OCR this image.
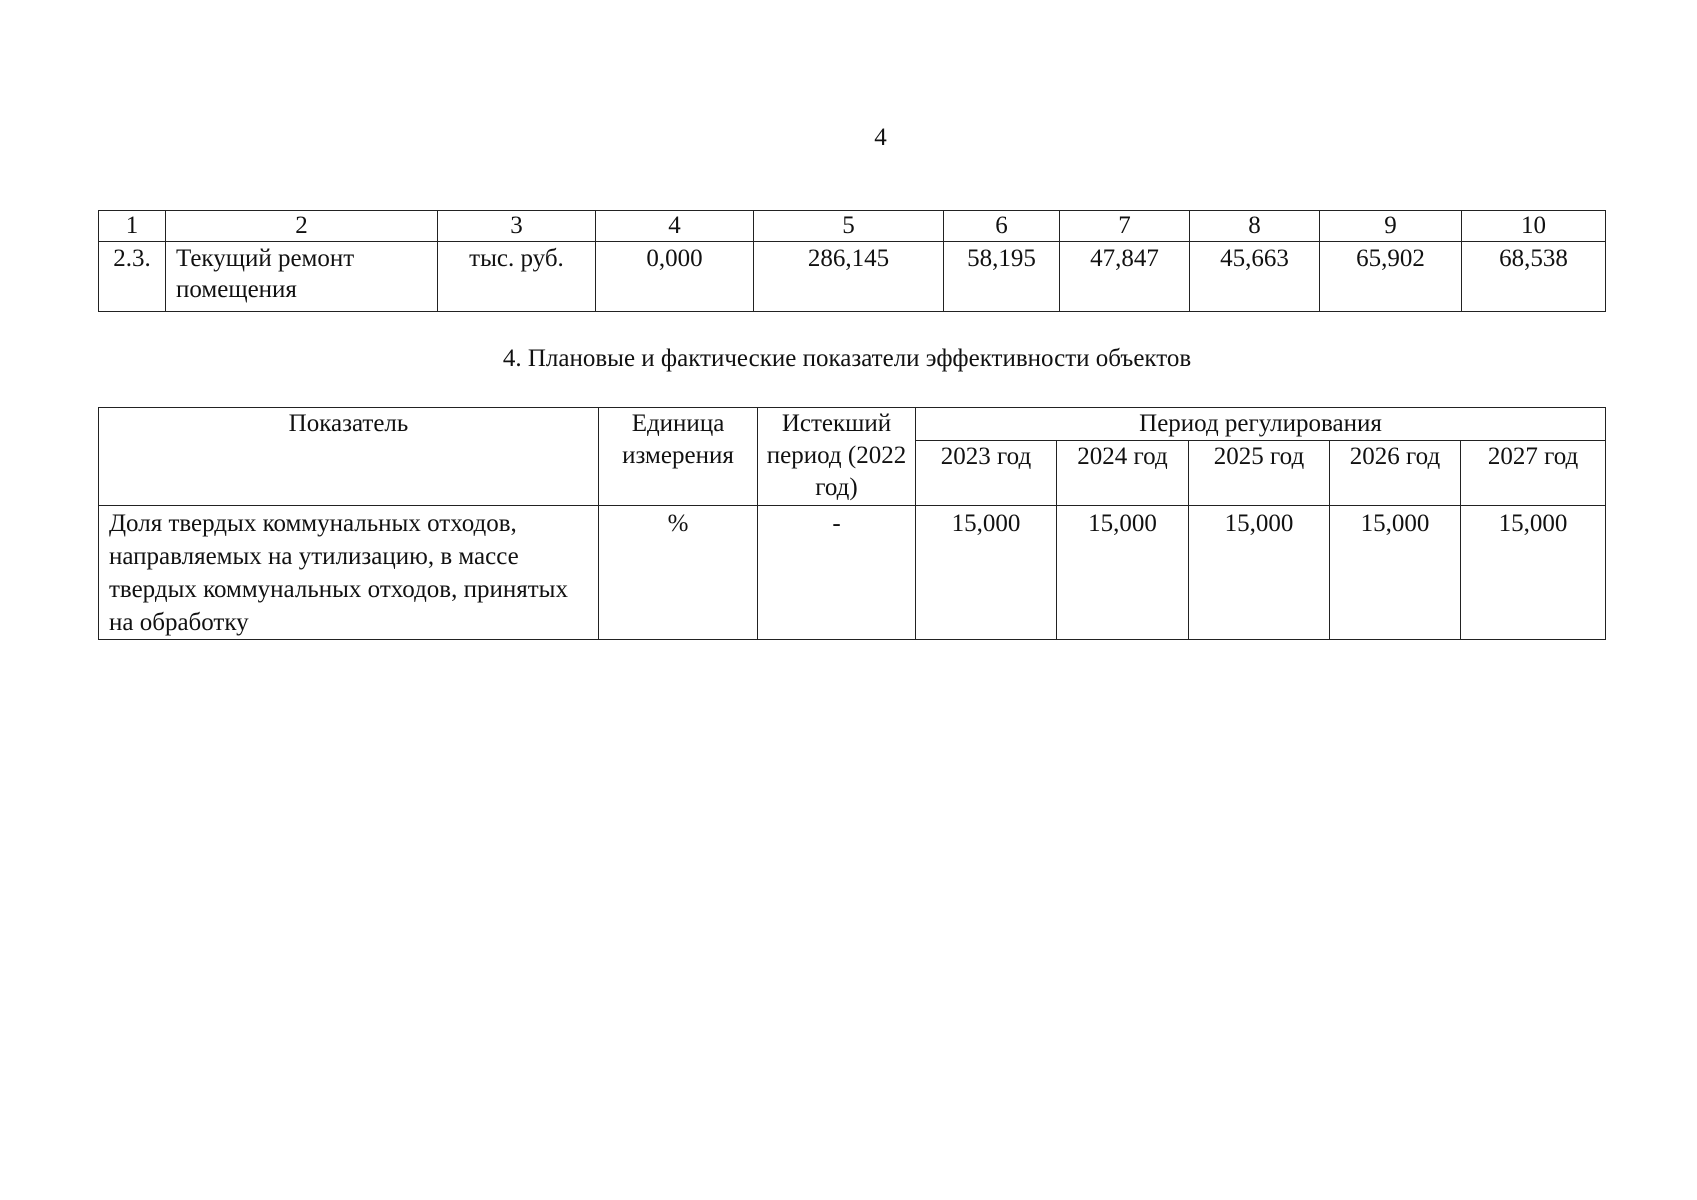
4
1	2	3	4	5	6	7	8	9	10
2.3.	Текущий ремонт помещения	тыс. руб.	0,000	286,145	58,195	47,847	45,663	65,902	68,538
4. Плановые и фактические показатели эффективности объектов
Показатель	Единица измерения	Истекший период (2022 год)	Период регулирования				
			2023 год	2024 год	2025 год	2026 год	2027 год
Доля твердых коммунальных отходов, направляемых на утилизацию, в массе твердых коммунальных отходов, принятых на обработку	%	-	15,000	15,000	15,000	15,000	15,000
